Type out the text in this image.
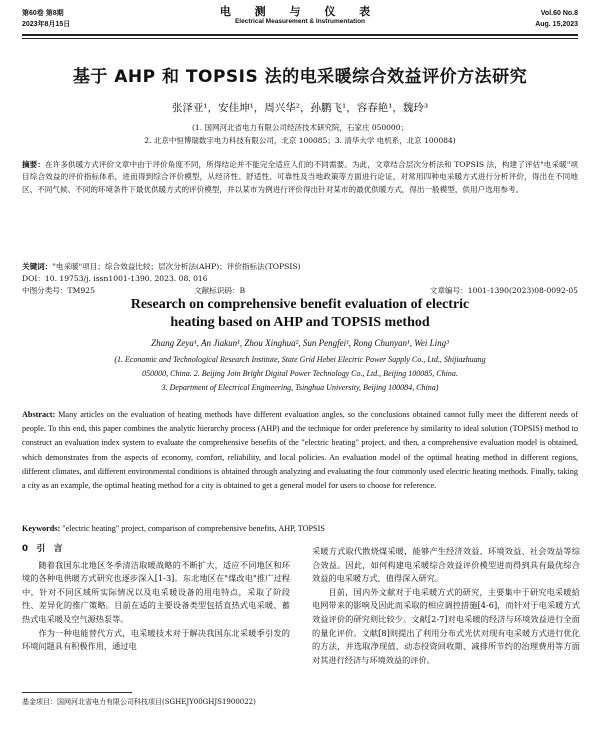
第60卷 第8期
2023年8月15日
电 测 与 仪 表
Electrical Measurement & Instrumentation
Vol.60 No.8
Aug. 15,2023
基于 AHP 和 TOPSIS 法的电采暖综合效益评价方法研究
张泽亚¹，安佳坤¹，周兴华²，孙鹏飞¹，容春艳¹，魏玲³
(1. 国网河北省电力有限公司经济技术研究院，石家庄 050000；
2. 北京中恒博瑞数字电力科技有限公司，北京 100085；3. 清华大学 电机系，北京 100084)
摘要：在许多供暖方式评价文章中由于评价角度不同，所得结论并不能完全适应人们的不同需要。为此，文章结合层次分析法和 TOPSIS 法，构建了评估"电采暖"项目综合效益的评价指标体系，进而得到综合评价模型，从经济性、舒适性、可靠性及当地政策等方面进行论证，对常用四种电采暖方式进行分析评价，得出在不同地区、不同气候、不同的环境条件下最优供暖方式的评价模型，并以某市为例进行评价得出针对某市的最优供暖方式，得出一般模型，供用户选用参考。
关键词："电采暖"项目；综合效益比较；层次分析法(AHP)；评价指标法(TOPSIS)
DOI：10. 19753/j. issn1001-1390. 2023. 08. 016
中图分类号：TM925	文献标识码：B	文章编号：1001-1390(2023)08-0092-05
Research on comprehensive benefit evaluation of electric
heating based on AHP and TOPSIS method
Zhang Zeya¹, An Jiakun¹, Zhou Xinghua², Sun Pengfei¹, Rong Chunyan¹, Wei Ling³
(1. Economic and Technological Research Institute, State Grid Hebei Electric Power Supply Co., Ltd., Shijiazhuang
050000, China. 2. Beijing Join Bright Digital Power Technology Co., Ltd., Beijing 100085, China.
3. Department of Electrical Engineering, Tsinghua University, Beijing 100084, China)
Abstract: Many articles on the evaluation of heating methods have different evaluation angles, so the conclusions obtained cannot fully meet the different needs of people. To this end, this paper combines the analytic hierarchy process (AHP) and the technique for order preference by similarity to ideal solution (TOPSIS) method to construct an evaluation index system to evaluate the comprehensive benefits of the "electric heating" project, and then, a comprehensive evaluation model is obtained, which demonstrates from the aspects of economy, comfort, reliability, and local policies. An evaluation model of the optimal heating method in different regions, different climates, and different environmental conditions is obtained through analyzing and evaluating the four commonly used electric heating methods. Finally, taking a city as an example, the optimal heating method for a city is obtained to get a general model for users to choose for reference.
Keywords: "electric heating" project, comparison of comprehensive benefits, AHP, TOPSIS
0　引　言

随着我国东北地区冬季清洁取暖战略的不断扩大，适应不同地区和环境的各种电供暖方式研究也逐步深入[1-3]。东北地区在"煤改电"推广过程中，针对不同区域所实际情况以及电采暖设备的用电特点，采取了阶段性、差异化的推广策略。目前在适的主要设备类型包括直热式电采暖、蓄热式电采暖及空气源热泵等。

作为一种电能替代方式，电采暖技术对于解决我国东北采暖季引发的环境问题具有积极作用，通过电

采暖方式取代散烧煤采暖，能够产生经济效益、环境效益、社会效益等综合效益。因此，如何构建电采暖综合效益评价模型进而得到具有最优综合效益的电采暖方式，值得深入研究。

目前，国内外文献对于电采暖方式的研究，主要集中于研究电采暖給电网带来的影响及因此而采取的相应调控措施[4-6]，而针对于电采暖方式效益评价的研究则比较少。文献[2-7]对电采暖的经济与环境效益进行全面的量化评价。文献[8]则提出了利用分布式光伏对现有电采暖方式进行优化的方法，并选取净现值、动态投资回收期、减排所节约的治理费用等方面对其进行经济与环境效益的评价。

基金项目：国网河北省电力有限公司科技项目(SGHEJY00GHJS1900022)
